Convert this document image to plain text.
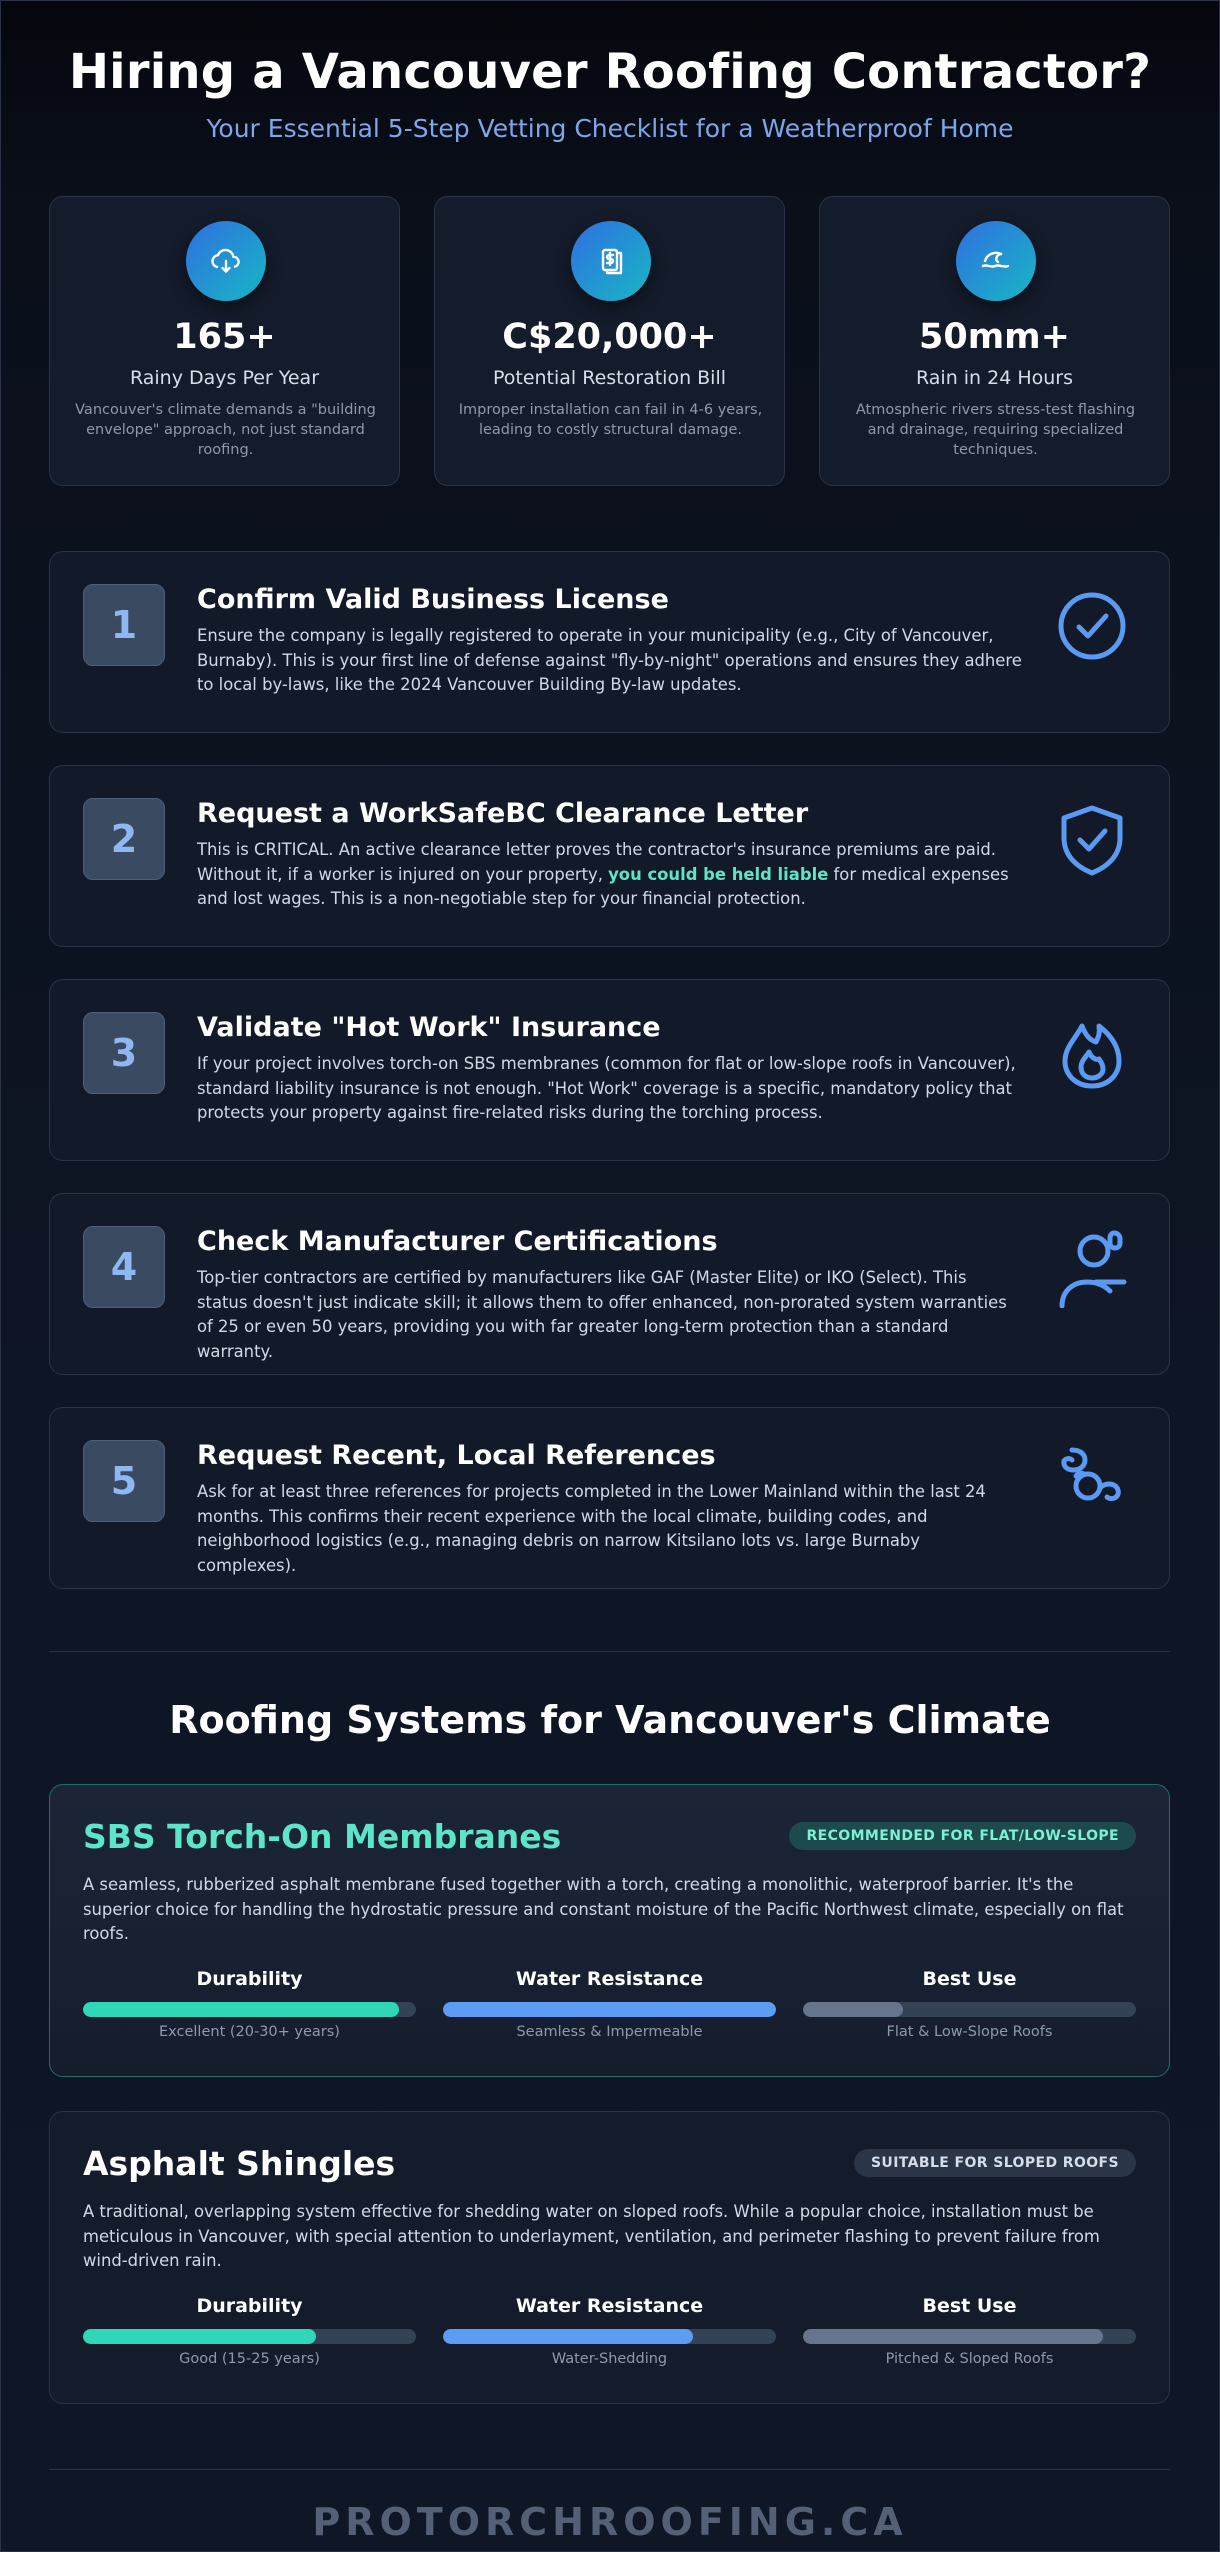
Hiring a Vancouver Roofing Contractor?
Your Essential 5-Step Vetting Checklist for a Weatherproof Home
165+
Rainy Days Per Year
Vancouver's climate demands a "building envelope" approach, not just standard roofing.
C$20,000+
Potential Restoration Bill
Improper installation can fail in 4-6 years, leading to costly structural damage.
50mm+
Rain in 24 Hours
Atmospheric rivers stress-test flashing and drainage, requiring specialized techniques.
1
Confirm Valid Business License
Ensure the company is legally registered to operate in your municipality (e.g., City of Vancouver, Burnaby). This is your first line of defense against "fly-by-night" operations and ensures they adhere to local by-laws, like the 2024 Vancouver Building By-law updates.
2
Request a WorkSafeBC Clearance Letter
This is CRITICAL. An active clearance letter proves the contractor's insurance premiums are paid. Without it, if a worker is injured on your property, you could be held liable for medical expenses and lost wages. This is a non-negotiable step for your financial protection.
3
Validate "Hot Work" Insurance
If your project involves torch-on SBS membranes (common for flat or low-slope roofs in Vancouver), standard liability insurance is not enough. "Hot Work" coverage is a specific, mandatory policy that protects your property against fire-related risks during the torching process.
4
Check Manufacturer Certifications
Top-tier contractors are certified by manufacturers like GAF (Master Elite) or IKO (Select). This status doesn't just indicate skill; it allows them to offer enhanced, non-prorated system warranties of 25 or even 50 years, providing you with far greater long-term protection than a standard warranty.
5
Request Recent, Local References
Ask for at least three references for projects completed in the Lower Mainland within the last 24 months. This confirms their recent experience with the local climate, building codes, and neighborhood logistics (e.g., managing debris on narrow Kitsilano lots vs. large Burnaby complexes).
Roofing Systems for Vancouver's Climate
SBS Torch-On Membranes	RECOMMENDED FOR FLAT/LOW-SLOPE
A seamless, rubberized asphalt membrane fused together with a torch, creating a monolithic, waterproof barrier. It's the superior choice for handling the hydrostatic pressure and constant moisture of the Pacific Northwest climate, especially on flat roofs.
Durability
Excellent (20-30+ years)
Water Resistance
Seamless & Impermeable
Best Use
Flat & Low-Slope Roofs
Asphalt Shingles	SUITABLE FOR SLOPED ROOFS
A traditional, overlapping system effective for shedding water on sloped roofs. While a popular choice, installation must be meticulous in Vancouver, with special attention to underlayment, ventilation, and perimeter flashing to prevent failure from wind-driven rain.
Durability
Good (15-25 years)
Water Resistance
Water-Shedding
Best Use
Pitched & Sloped Roofs
PROTORCHROOFING.CA
